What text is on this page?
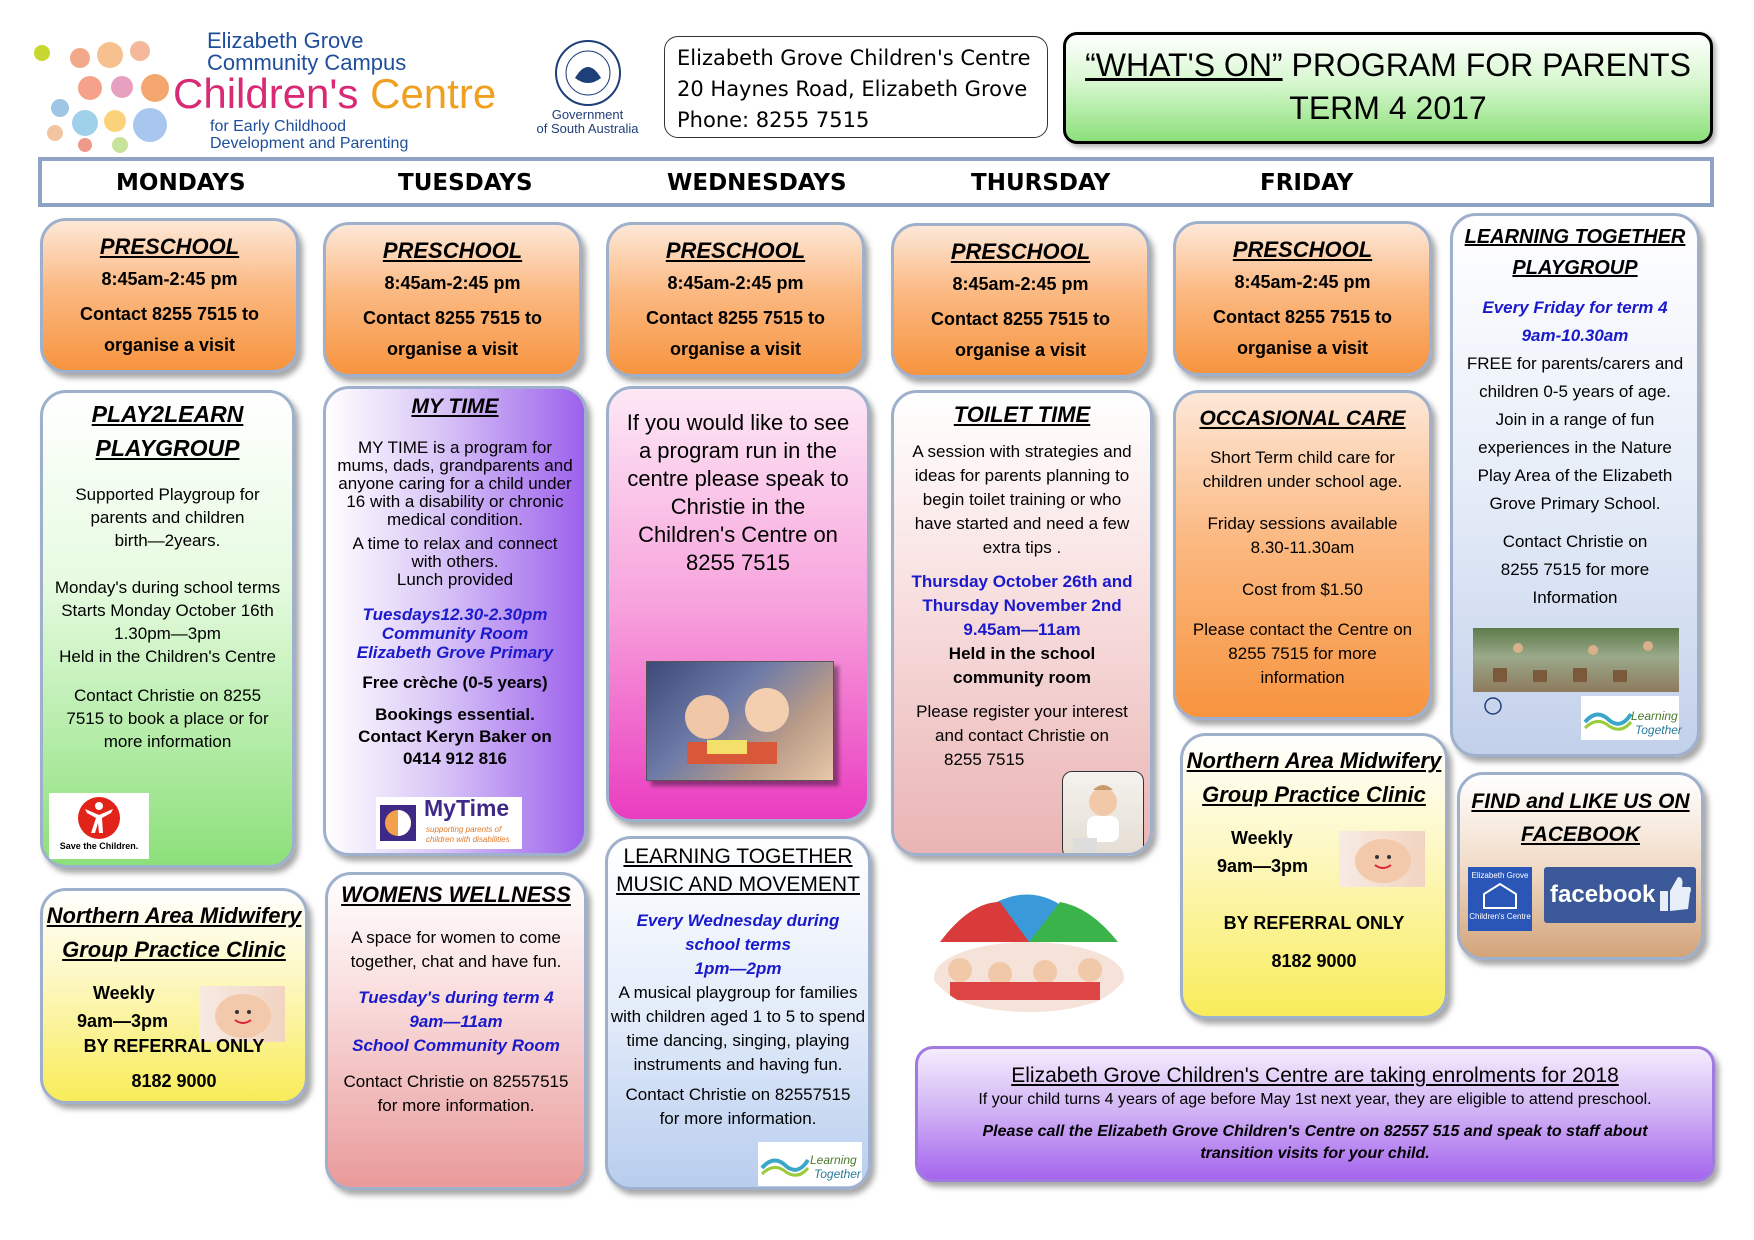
Elizabeth Grove
Community Campus
Children's Centre
for Early Childhood
Development and Parenting
Government
of South Australia
Elizabeth Grove Children's Centre
20 Haynes Road, Elizabeth Grove
Phone: 8255 7515
“WHAT'S ON” PROGRAM FOR PARENTS
TERM 4 2017
MONDAYS	TUESDAYS	WEDNESDAYS	THURSDAY	FRIDAY
PRESCHOOL
8:45am-2:45 pm
Contact 8255 7515 to
organise a visit
PRESCHOOL
8:45am-2:45 pm
Contact 8255 7515 to
organise a visit
PRESCHOOL
8:45am-2:45 pm
Contact 8255 7515 to
organise a visit
PRESCHOOL
8:45am-2:45 pm
Contact 8255 7515 to
organise a visit
PRESCHOOL
8:45am-2:45 pm
Contact 8255 7515 to
organise a visit
PLAY2LEARN
PLAYGROUP
Supported Playgroup for
parents and children
birth—2years.
Monday's during school terms
Starts Monday October 16th
1.30pm—3pm
Held in the Children's Centre
Contact Christie on 8255
7515 to book a place or for
more information
Save the Children.
MY TIME
MY TIME is a program for
mums, dads, grandparents and
anyone caring for a child under
16 with a disability or chronic
medical condition.
A time to relax and connect
with others.
Lunch provided
Tuesdays12.30-2.30pm
Community Room
Elizabeth Grove Primary
Free crèche (0-5 years)
Bookings essential.
Contact Keryn Baker on
0414 912 816
MyTime
supporting parents of
children with disabilities
If you would like to see
a program run in the
centre please speak to
Christie in the
Children's Centre on
8255 7515
TOILET TIME
A session with strategies and
ideas for parents planning to
begin toilet training or who
have started and need a few
extra tips .
Thursday October 26th and
Thursday November 2nd
9.45am—11am
Held in the school
community room
Please register your interest
and contact Christie on
8255 7515
OCCASIONAL CARE
Short Term child care for
children under school age.
Friday sessions available
8.30-11.30am
Cost from $1.50
Please contact the Centre on
8255 7515 for more
information
LEARNING TOGETHER
PLAYGROUP
Every Friday for term 4
9am-10.30am
FREE for parents/carers and
children 0-5 years of age.
Join in a range of fun
experiences in the Nature
Play Area of the Elizabeth
Grove Primary School.
Contact Christie on
8255 7515 for more
Information
Learning
Together
Northern Area Midwifery
Group Practice Clinic
Weekly
9am—3pm
BY REFERRAL ONLY
8182 9000
WOMENS WELLNESS
A space for women to come
together, chat and have fun.
Tuesday's during term 4
9am—11am
School Community Room
Contact Christie on 82557515
for more information.
LEARNING TOGETHER
MUSIC AND MOVEMENT
Every Wednesday during
school terms
1pm—2pm
A musical playgroup for families
with children aged 1 to 5 to spend
time dancing, singing, playing
instruments and having fun.
Contact Christie on 82557515
for more information.
Learning
Together
Northern Area Midwifery
Group Practice Clinic
Weekly
9am—3pm
BY REFERRAL ONLY
8182 9000
FIND and LIKE US ON
FACEBOOK
Elizabeth Grove
Children's Centre
facebook
Elizabeth Grove Children's Centre are taking enrolments for 2018
If your child turns 4 years of age before May 1st next year, they are eligible to attend preschool.
Please call the Elizabeth Grove Children's Centre on 82557 515 and speak to staff about
transition visits for your child.
